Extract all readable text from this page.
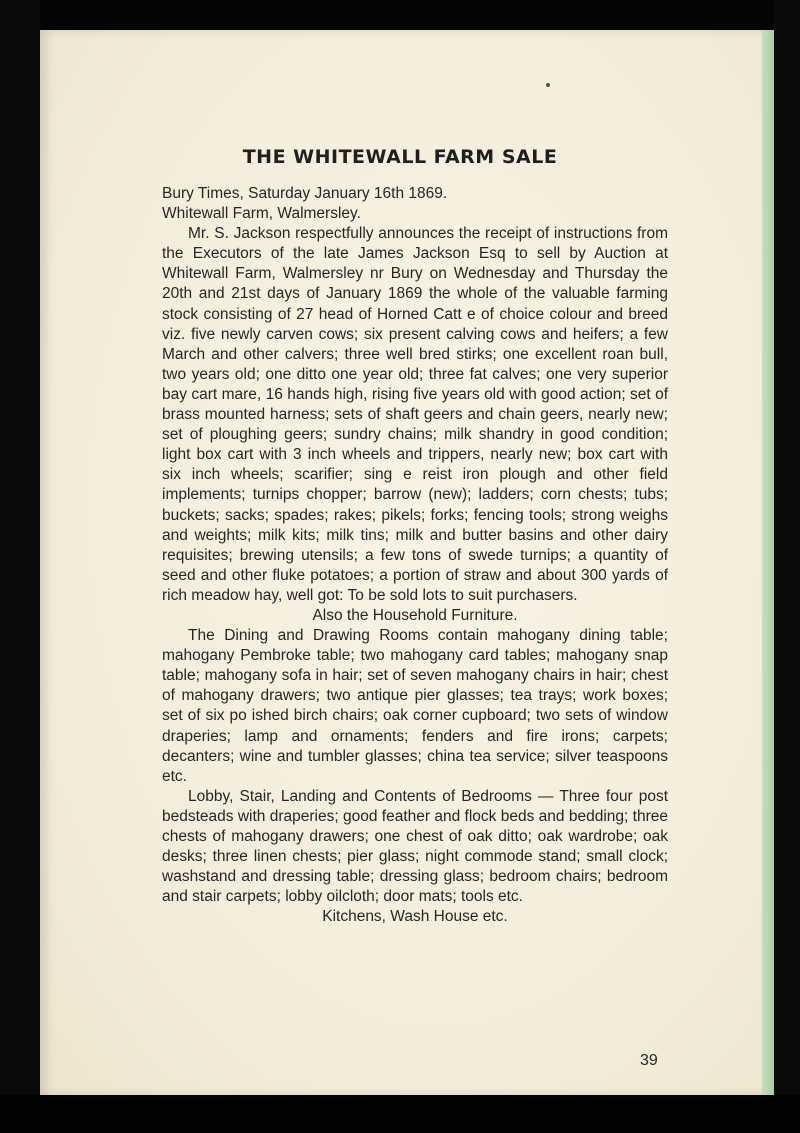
THE WHITEWALL FARM SALE

Bury Times, Saturday January 16th 1869.

Whitewall Farm, Walmersley.

Mr. S. Jackson respectfully announces the receipt of instructions from the Executors of the late James Jackson Esq to sell by Auction at Whitewall Farm, Walmersley nr Bury on Wednesday and Thursday the 20th and 21st days of January 1869 the whole of the valuable farming stock consisting of 27 head of Horned Catt e of choice colour and breed viz. five newly carven cows; six present calving cows and heifers; a few March and other calvers; three well bred stirks; one excellent roan bull, two years old; one ditto one year old; three fat calves; one very superior bay cart mare, 16 hands high, rising five years old with good action; set of brass mounted harness; sets of shaft geers and chain geers, nearly new; set of ploughing geers; sundry chains; milk shandry in good condition; light box cart with 3 inch wheels and trippers, nearly new; box cart with six inch wheels; scarifier; sing e reist iron plough and other field implements; turnips chopper; barrow (new); ladders; corn chests; tubs; buckets; sacks; spades; rakes; pikels; forks; fencing tools; strong weighs and weights; milk kits; milk tins; milk and butter basins and other dairy requisites; brewing utensils; a few tons of swede turnips; a quantity of seed and other fluke potatoes; a portion of straw and about 300 yards of rich meadow hay, well got: To be sold lots to suit purchasers.

Also the Household Furniture.

The Dining and Drawing Rooms contain mahogany dining table; mahogany Pembroke table; two mahogany card tables; mahogany snap table; mahogany sofa in hair; set of seven mahogany chairs in hair; chest of mahogany drawers; two antique pier glasses; tea trays; work boxes; set of six po ished birch chairs; oak corner cupboard; two sets of window draperies; lamp and ornaments; fenders and fire irons; carpets; decanters; wine and tumbler glasses; china tea service; silver teaspoons etc.

Lobby, Stair, Landing and Contents of Bedrooms — Three four post bedsteads with draperies; good feather and flock beds and bedding; three chests of mahogany drawers; one chest of oak ditto; oak wardrobe; oak desks; three linen chests; pier glass; night commode stand; small clock; washstand and dressing table; dressing glass; bedroom chairs; bedroom and stair carpets; lobby oilcloth; door mats; tools etc.

Kitchens, Wash House etc.

39
